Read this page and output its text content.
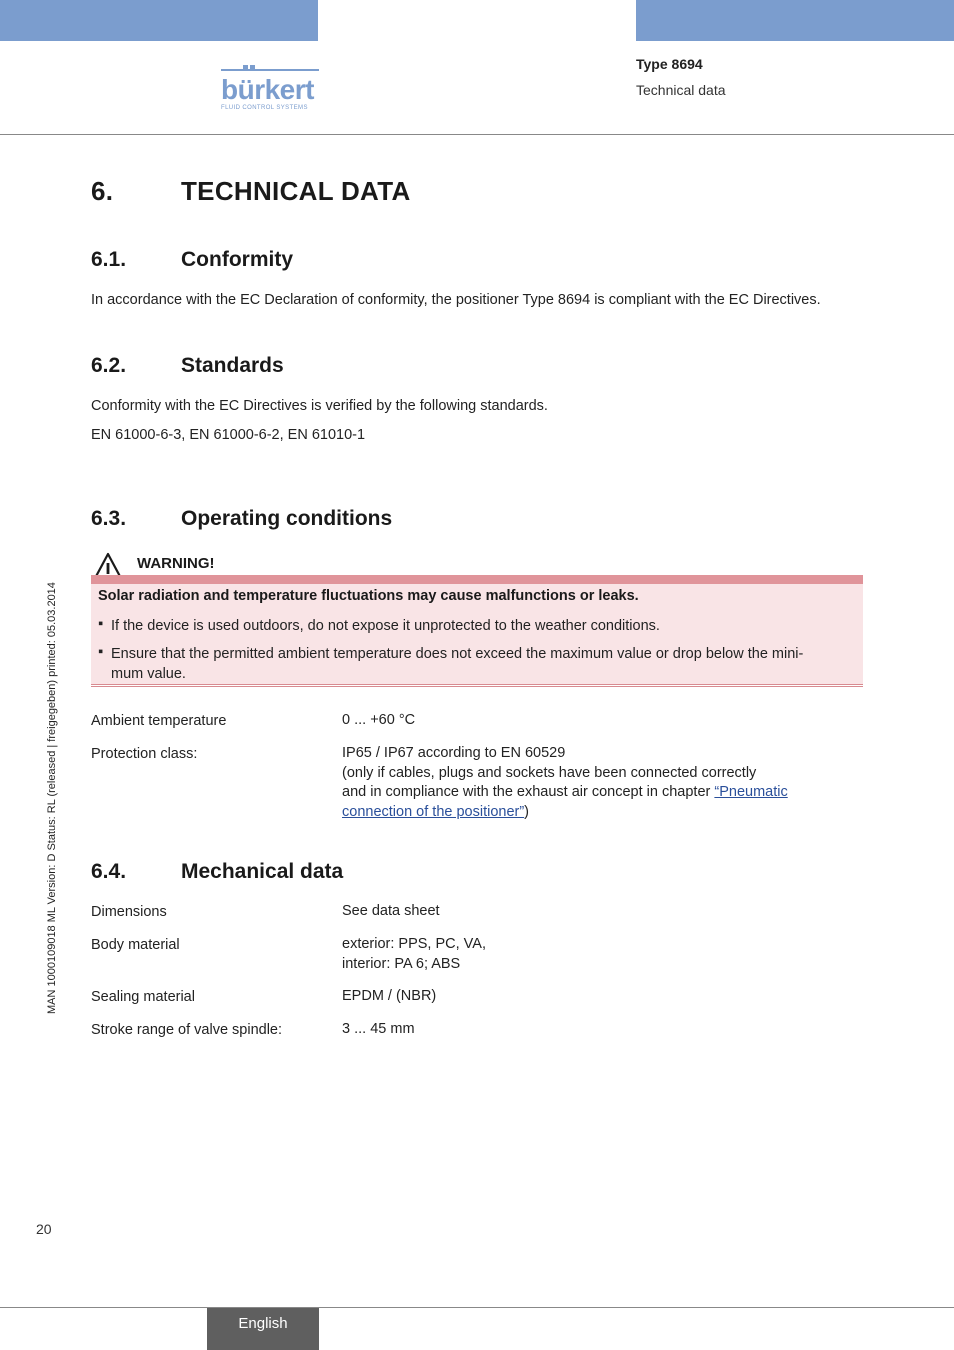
bürkert
FLUID CONTROL SYSTEMS
Type 8694
Technical data
MAN 1000109018 ML Version: D Status: RL (released | freigegeben) printed: 05.03.2014
6.	TECHNICAL DATA
6.1.	Conformity
In accordance with the EC Declaration of conformity, the positioner Type 8694 is compliant with the EC Directives.
6.2.	Standards
Conformity with the EC Directives is verified by the following standards.
EN 61000-6-3, EN 61000-6-2, EN 61010-1
6.3.	Operating conditions
WARNING!
Solar radiation and temperature fluctuations may cause malfunctions or leaks.
▪ If the device is used outdoors, do not expose it unprotected to the weather conditions.
▪ Ensure that the permitted ambient temperature does not exceed the maximum value or drop below the mini-
mum value.
Ambient temperature	0 ... +60 °C
Protection class:	IP65 / IP67 according to EN 60529
(only if cables, plugs and sockets have been connected correctly
and in compliance with the exhaust air concept in chapter “Pneumatic
connection of the positioner”)
6.4.	Mechanical data
Dimensions	See data sheet
Body material	exterior: PPS, PC, VA,
interior: PA 6; ABS
Sealing material	EPDM / (NBR)
Stroke range of valve spindle:	3 ... 45 mm
20
English
